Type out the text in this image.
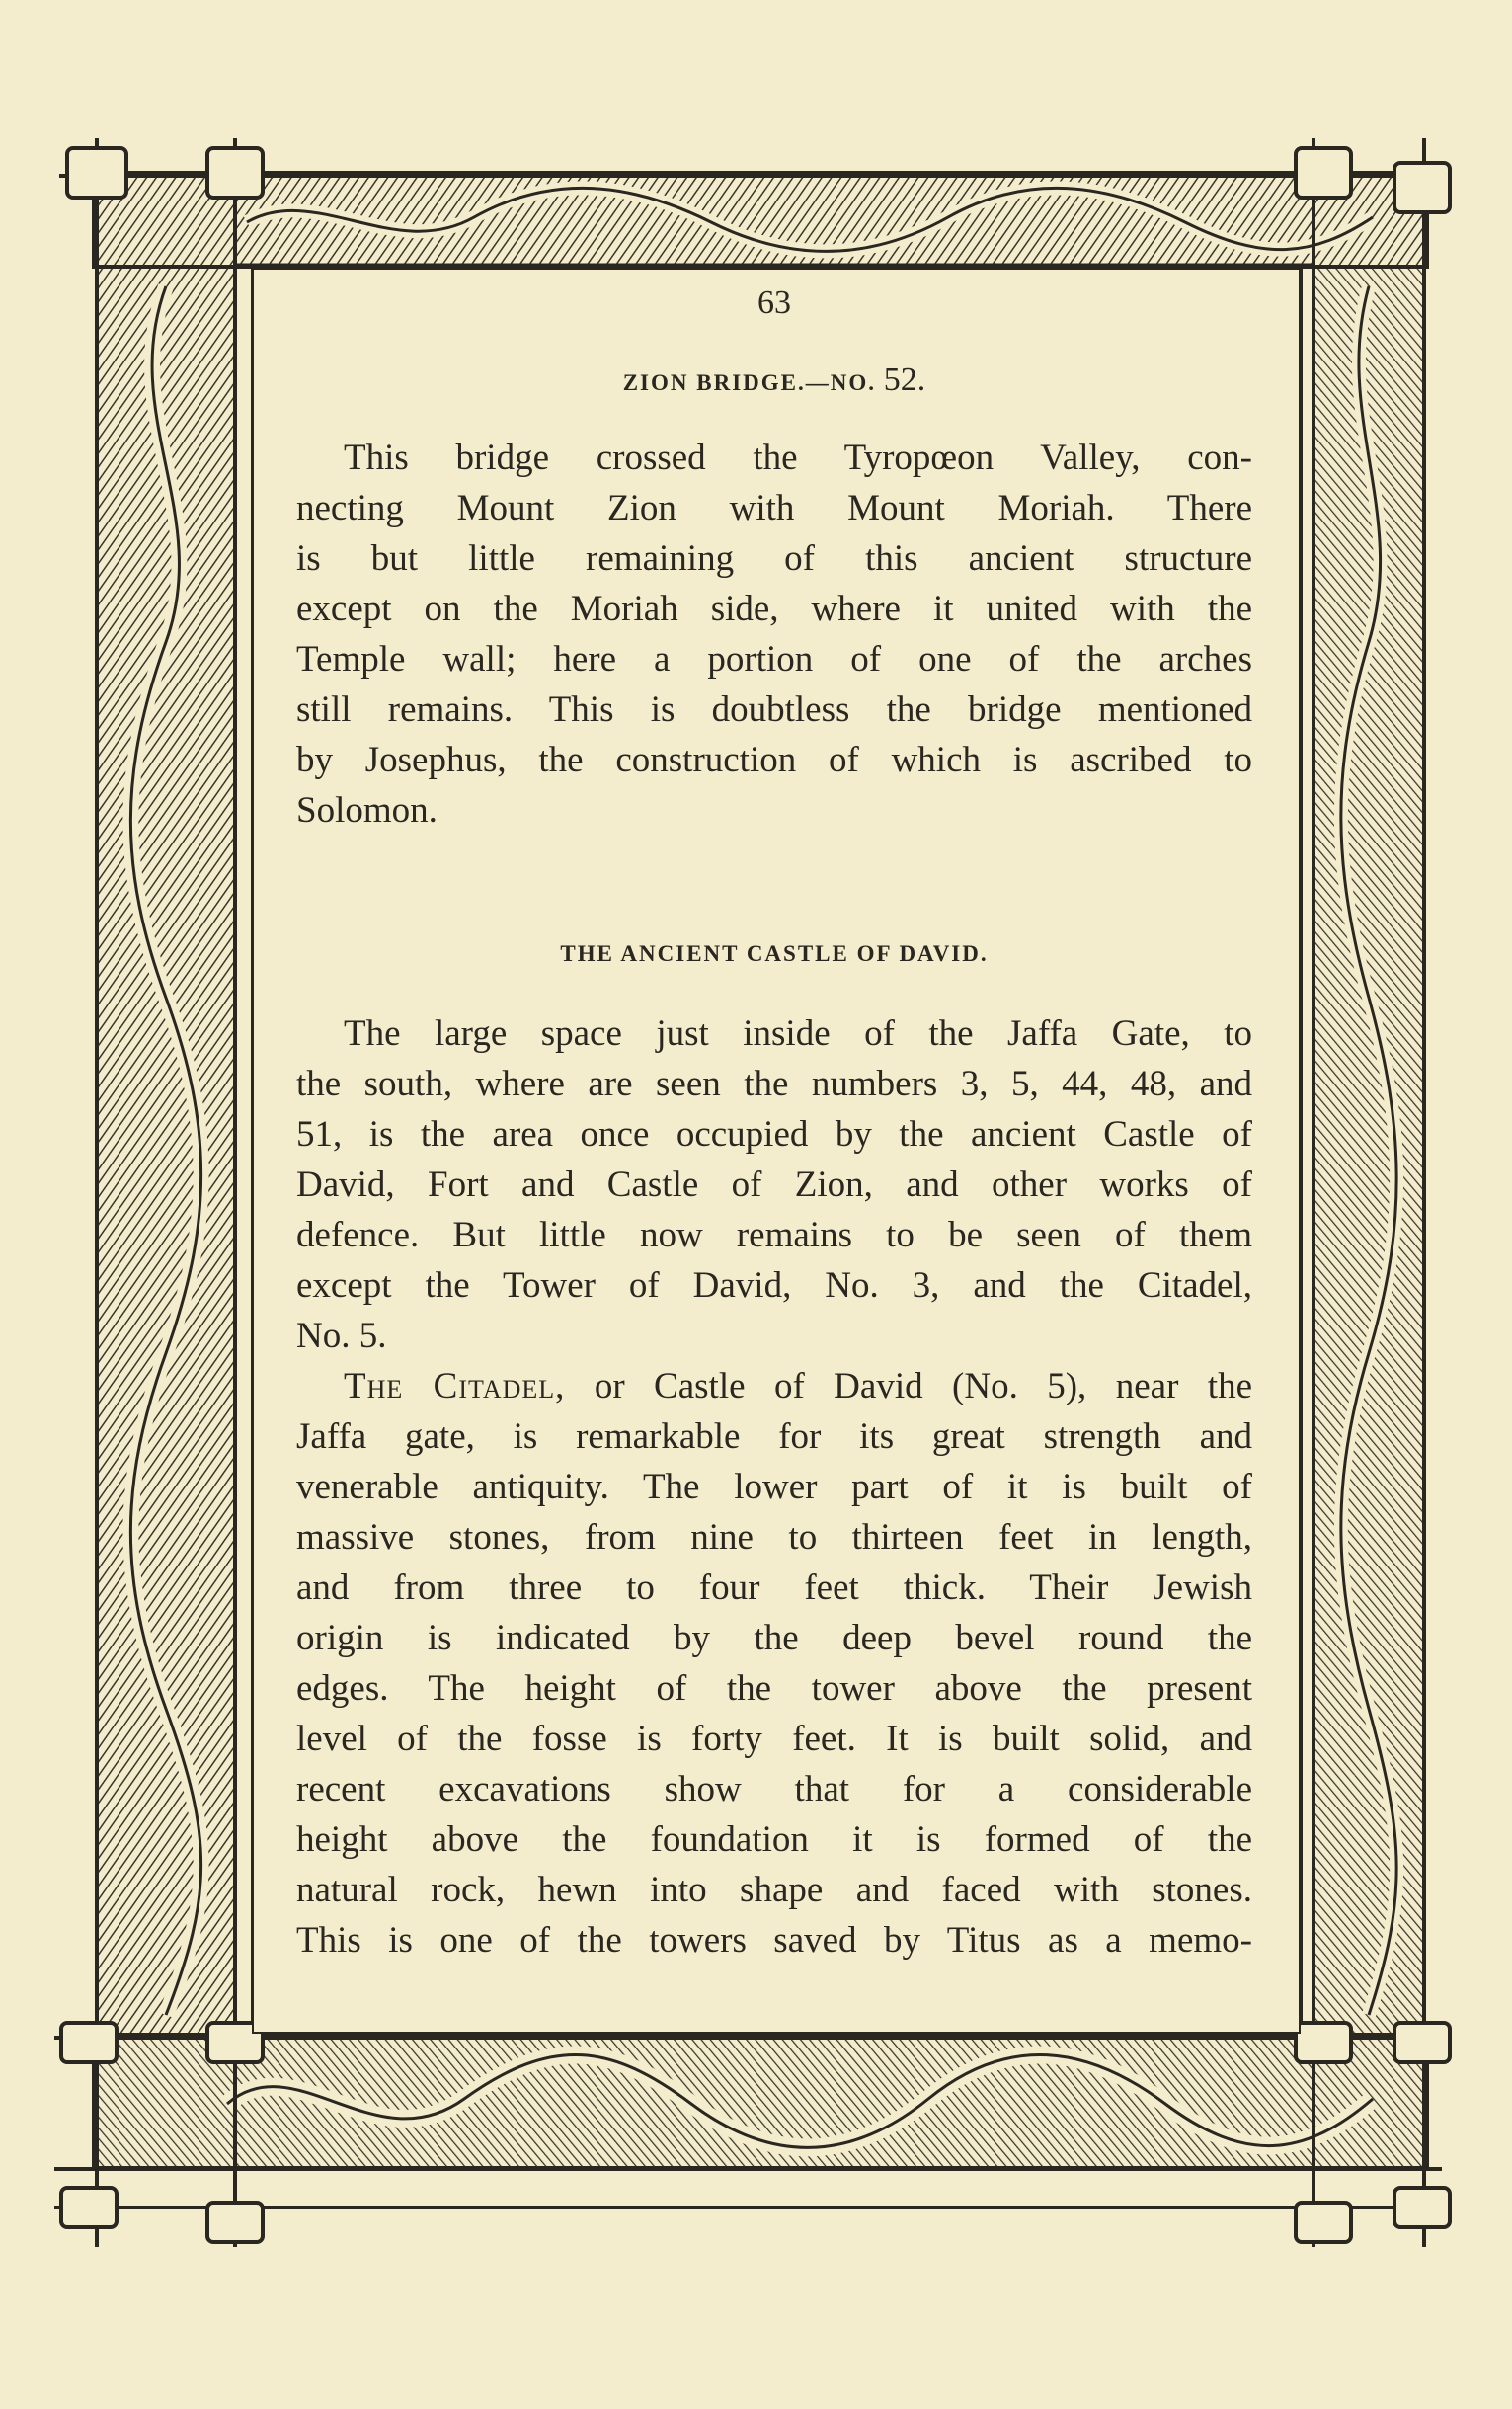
63
ZION BRIDGE.—NO. 52.
This bridge crossed the Tyropœon Valley, con-
necting Mount Zion with Mount Moriah. There
is but little remaining of this ancient structure
except on the Moriah side, where it united with the
Temple wall; here a portion of one of the arches
still remains. This is doubtless the bridge mentioned
by Josephus, the construction of which is ascribed to
Solomon.
THE ANCIENT CASTLE OF DAVID.
The large space just inside of the Jaffa Gate, to
the south, where are seen the numbers 3, 5, 44, 48, and
51, is the area once occupied by the ancient Castle of
David, Fort and Castle of Zion, and other works of
defence. But little now remains to be seen of them
except the Tower of David, No. 3, and the Citadel,
No. 5.
The Citadel, or Castle of David (No. 5), near the
Jaffa gate, is remarkable for its great strength and
venerable antiquity. The lower part of it is built of
massive stones, from nine to thirteen feet in length,
and from three to four feet thick. Their Jewish
origin is indicated by the deep bevel round the
edges. The height of the tower above the present
level of the fosse is forty feet. It is built solid, and
recent excavations show that for a considerable
height above the foundation it is formed of the
natural rock, hewn into shape and faced with stones.
This is one of the towers saved by Titus as a memo-
